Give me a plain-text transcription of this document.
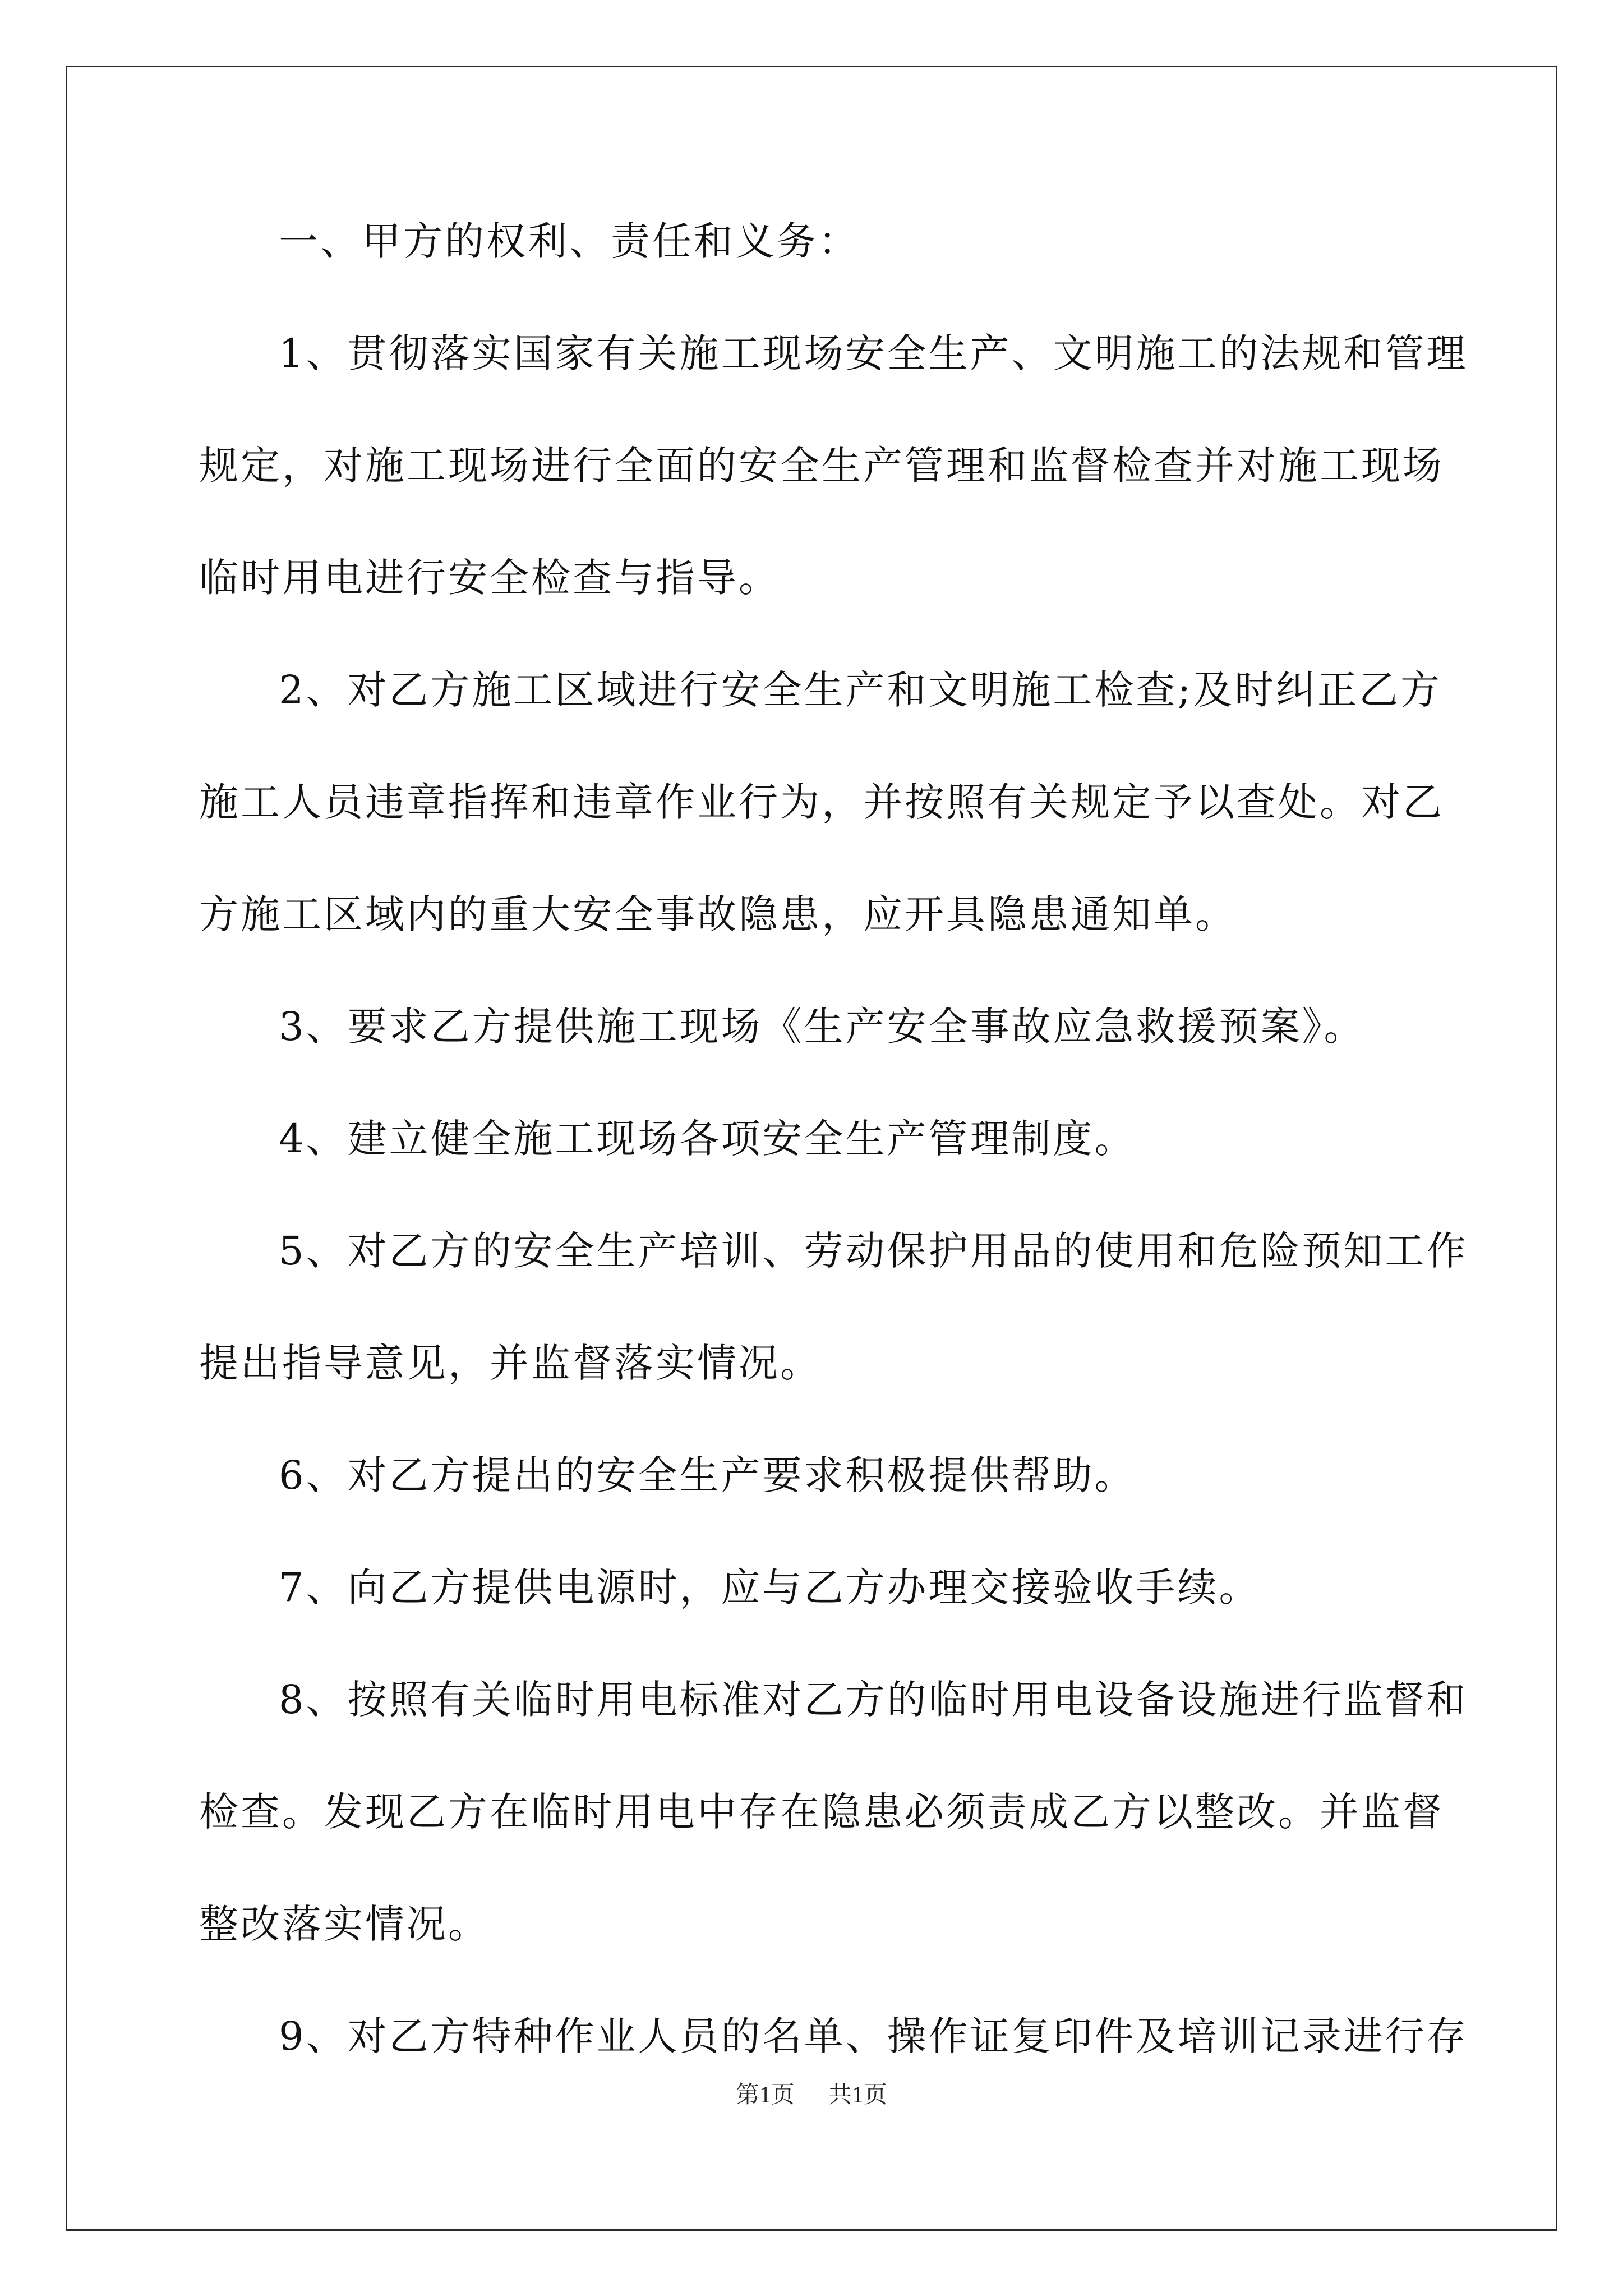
一、甲方的权利、责任和义务：
1、贯彻落实国家有关施工现场安全生产、文明施工的法规和管理
规定，对施工现场进行全面的安全生产管理和监督检查并对施工现场
临时用电进行安全检查与指导。
2、对乙方施工区域进行安全生产和文明施工检查;及时纠正乙方
施工人员违章指挥和违章作业行为，并按照有关规定予以查处。对乙
方施工区域内的重大安全事故隐患，应开具隐患通知单。
3、要求乙方提供施工现场《生产安全事故应急救援预案》。
4、建立健全施工现场各项安全生产管理制度。
5、对乙方的安全生产培训、劳动保护用品的使用和危险预知工作
提出指导意见，并监督落实情况。
6、对乙方提出的安全生产要求积极提供帮助。
7、向乙方提供电源时，应与乙方办理交接验收手续。
8、按照有关临时用电标准对乙方的临时用电设备设施进行监督和
检查。发现乙方在临时用电中存在隐患必须责成乙方以整改。并监督
整改落实情况。
9、对乙方特种作业人员的名单、操作证复印件及培训记录进行存
第1页 共1页
